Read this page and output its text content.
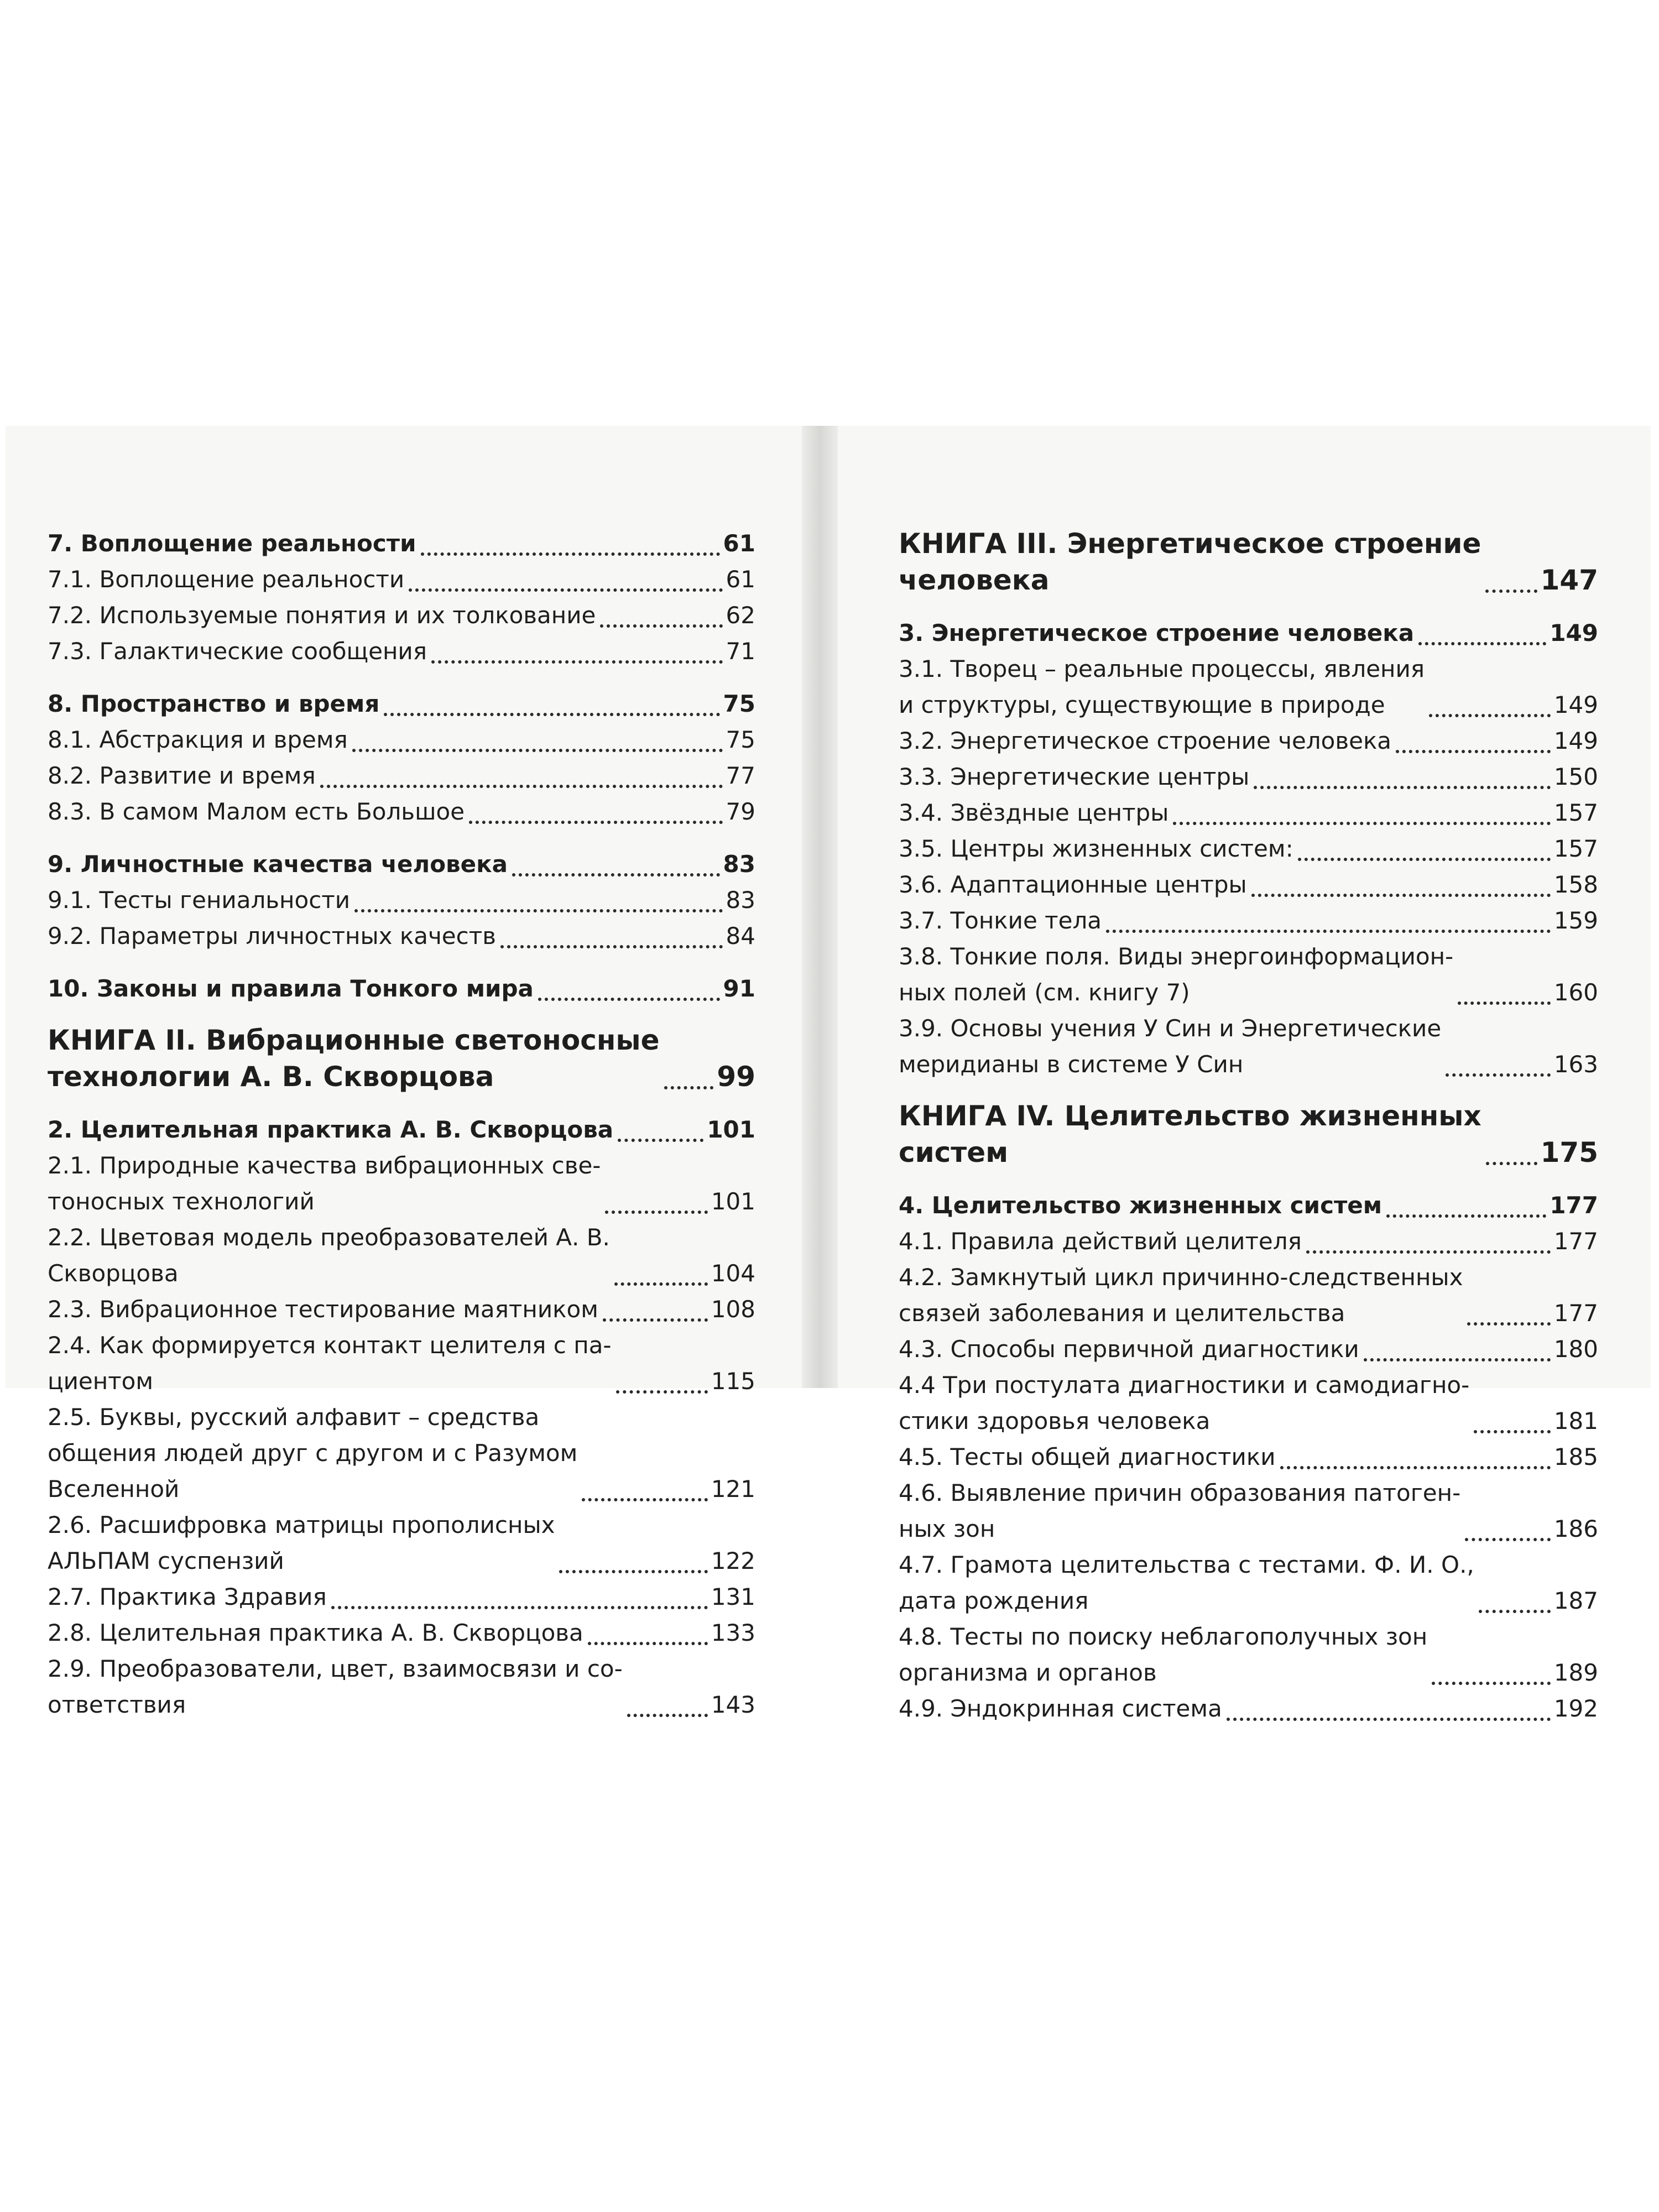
7. Воплощение реальности	61
7.1. Воплощение реальности	61
7.2. Используемые понятия и их толкование	62
7.3. Галактические сообщения	71
8. Пространство и время	75
8.1. Абстракция и время	75
8.2. Развитие и время	77
8.3. В самом Малом есть Большое	79
9. Личностные качества человека	83
9.1. Тесты гениальности	83
9.2. Параметры личностных качеств	84
10. Законы и правила Тонкого мира	91
КНИГА II. Вибрационные светоносные
технологии А. В. Скворцова	99
2. Целительная практика А. В. Скворцова	101
2.1. Природные качества вибрационных све-
тоносных технологий	101
2.2. Цветовая модель преобразователей А. В.
Скворцова	104
2.3. Вибрационное тестирование маятником	108
2.4. Как формируется контакт целителя с па-
циентом	115
2.5. Буквы, русский алфавит – средства
общения людей друг с другом и с Разумом
Вселенной	121
2.6. Расшифровка матрицы прополисных
АЛЬПАМ суспензий	122
2.7. Практика Здравия	131
2.8. Целительная практика А. В. Скворцова	133
2.9. Преобразователи, цвет, взаимосвязи и со-
ответствия	143
КНИГА III. Энергетическое строение
человека	147
3. Энергетическое строение человека	149
3.1. Творец – реальные процессы, явления
и структуры, существующие в природе	149
3.2. Энергетическое строение человека	149
3.3. Энергетические центры	150
3.4. Звёздные центры	157
3.5. Центры жизненных систем:	157
3.6. Адаптационные центры	158
3.7. Тонкие тела	159
3.8. Тонкие поля. Виды энергоинформацион-
ных полей (см. книгу 7)	160
3.9. Основы учения У Син и Энергетические
меридианы в системе У Син	163
КНИГА IV. Целительство жизненных
систем	175
4. Целительство жизненных систем	177
4.1. Правила действий целителя	177
4.2. Замкнутый цикл причинно-следственных
связей заболевания и целительства	177
4.3. Способы первичной диагностики	180
4.4 Три постулата диагностики и самодиагно-
стики здоровья человека	181
4.5. Тесты общей диагностики	185
4.6. Выявление причин образования патоген-
ных зон	186
4.7. Грамота целительства с тестами. Ф. И. О.,
дата рождения	187
4.8. Тесты по поиску неблагополучных зон
организма и органов	189
4.9. Эндокринная система	192
